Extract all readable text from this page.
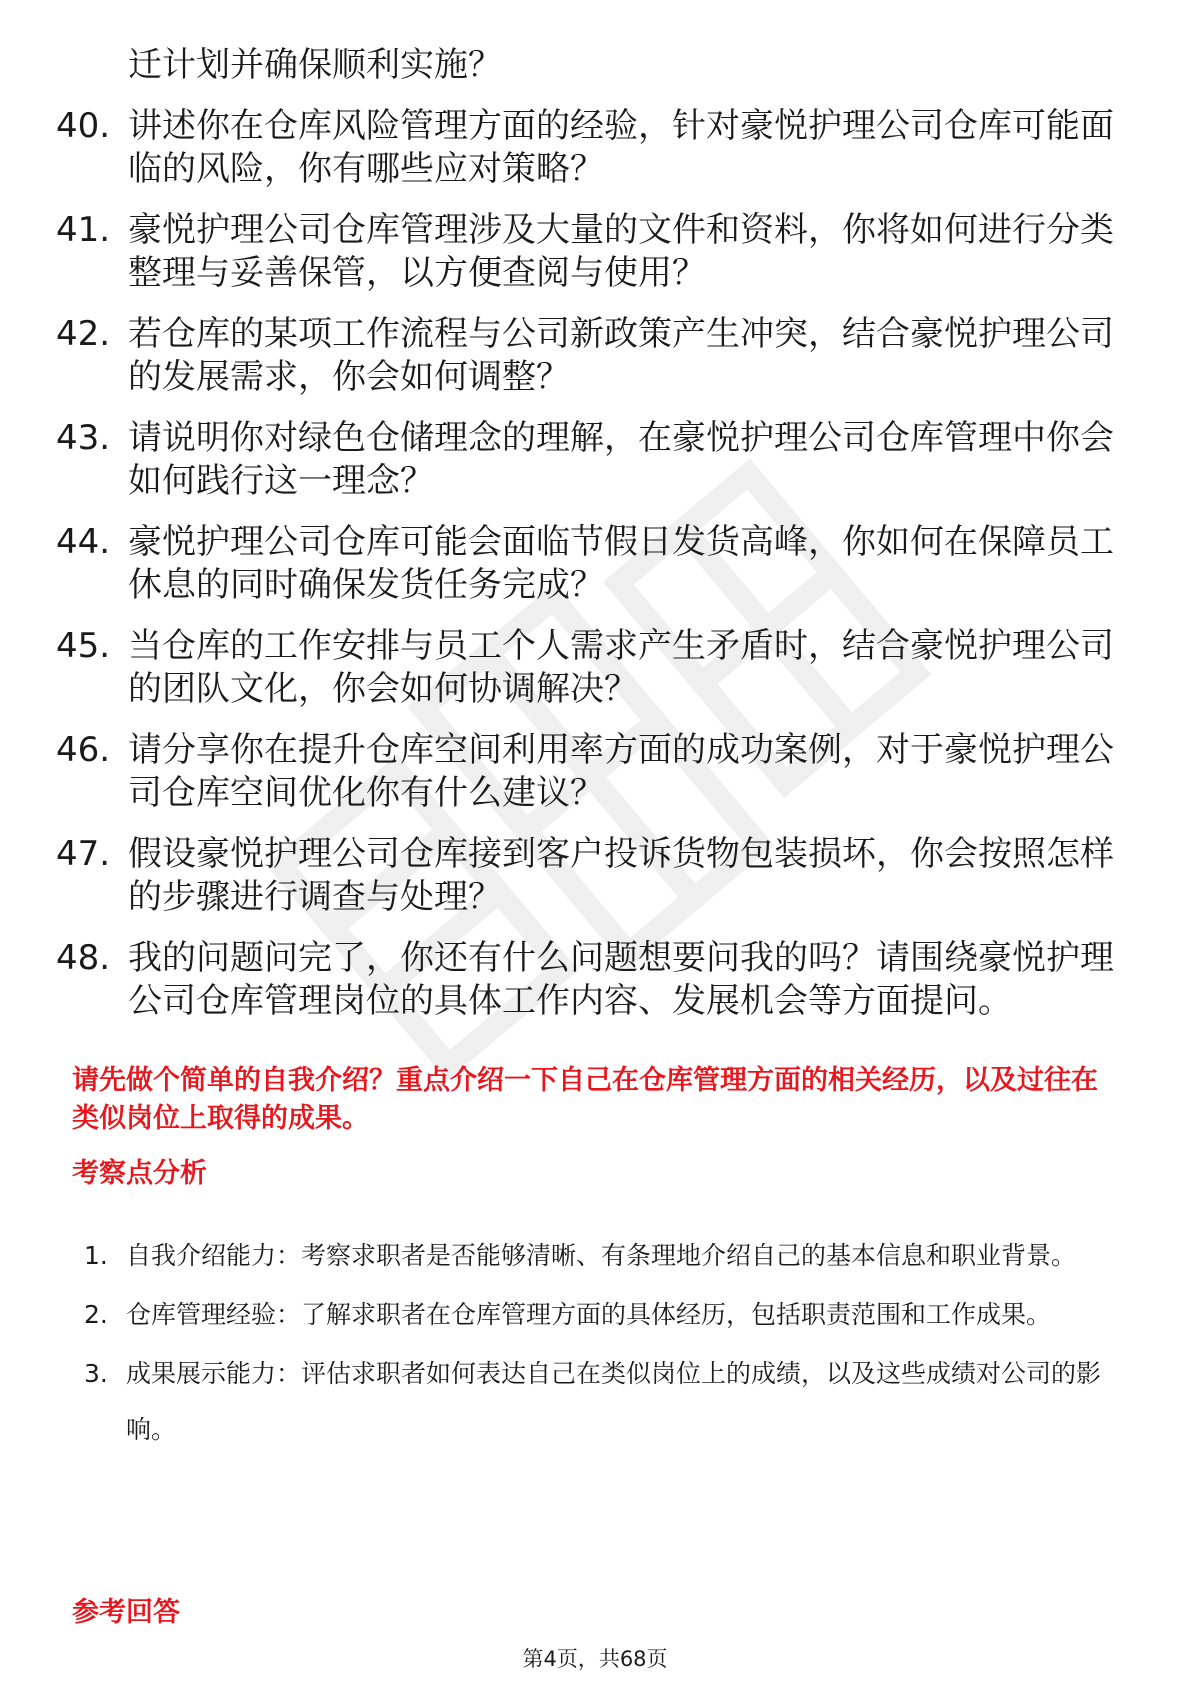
迁计划并确保顺利实施？
40. 讲述你在仓库风险管理方面的经验，针对豪悦护理公司仓库可能面临的风险，你有哪些应对策略？
41. 豪悦护理公司仓库管理涉及大量的文件和资料，你将如何进行分类整理与妥善保管，以方便查阅与使用？
42. 若仓库的某项工作流程与公司新政策产生冲突，结合豪悦护理公司的发展需求，你会如何调整？
43. 请说明你对绿色仓储理念的理解，在豪悦护理公司仓库管理中你会如何践行这一理念？
44. 豪悦护理公司仓库可能会面临节假日发货高峰，你如何在保障员工休息的同时确保发货任务完成？
45. 当仓库的工作安排与员工个人需求产生矛盾时，结合豪悦护理公司的团队文化，你会如何协调解决？
46. 请分享你在提升仓库空间利用率方面的成功案例，对于豪悦护理公司仓库空间优化你有什么建议？
47. 假设豪悦护理公司仓库接到客户投诉货物包装损坏，你会按照怎样的步骤进行调查与处理？
48. 我的问题问完了，你还有什么问题想要问我的吗？请围绕豪悦护理公司仓库管理岗位的具体工作内容、发展机会等方面提问。

请先做个简单的自我介绍？重点介绍一下自己在仓库管理方面的相关经历，以及过往在类似岗位上取得的成果。

考察点分析
1. 自我介绍能力：考察求职者是否能够清晰、有条理地介绍自己的基本信息和职业背景。
2. 仓库管理经验：了解求职者在仓库管理方面的具体经历，包括职责范围和工作成果。
3. 成果展示能力：评估求职者如何表达自己在类似岗位上的成绩，以及这些成绩对公司的影响。
参考回答
第4页，共68页
